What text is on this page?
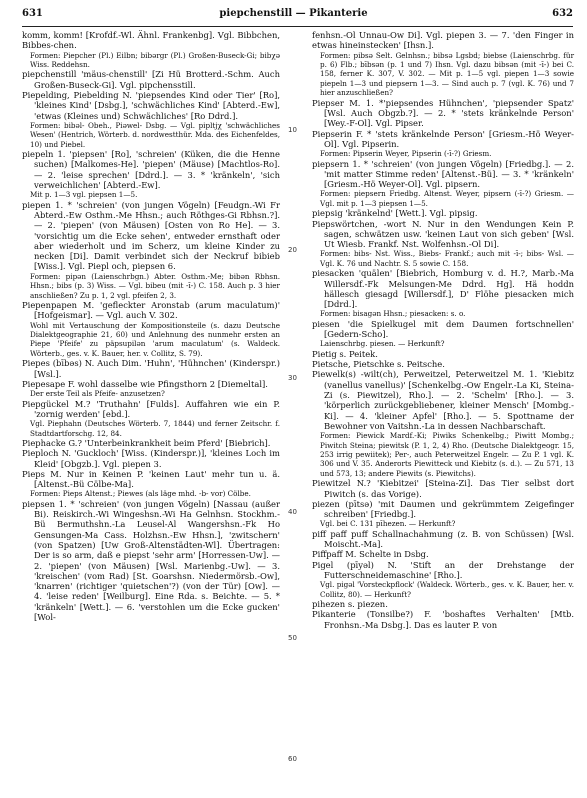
631	piepchenstill — Pikanterie	632
10
20
30
40
50
60

komm, komm! [Krofdf.-Wl. Ähnl. Frankenbg]. Vgl. Bibbchen, Bibbes-chen.

Formen: Piepcher (Pl.) Eilbn; bibərgr (Pl.) Großen-Buseck-Gi; bibχə Wiss. Reddehsn.

piepchenstill 'mäus-chenstill' [Zi Hü Brotterd.-Schm. Auch Großen-Buseck-Gi]. Vgl. pipchensstill.

Piepelding, Piebelding N. 'piepsendes Kind oder Tier' [Ro], 'kleines Kind' [Dsbg.], 'schwächliches Kind' [Abterd.-Ew], 'etwas (Kleines und) Schwächliches' [Ro Ddrd.].

Formen: bibəl- Obeh., Piəwel- Dsbg. — Vgl. pipltjχ 'schwächliches Wesen' (Hentrich, Wörterb. d. nordwestthür. Mda. des Eichenfeldes, 10) und Piebel.

piepeln 1. 'piepsen' [Ro], 'schreien' (Küken, die die Henne suchen) [Malkomes-He]. 'piepen' (Mäuse) [Machtlos-Ro]. — 2. 'leise sprechen' [Ddrd.]. — 3. * 'kränkeln', 'sich verweichlichen' [Abterd.-Ew].

Mit p. 1—3 vgl. piepsen 1—5.

piepen 1. * 'schreien' (von jungen Vögeln) [Feudgn.-Wi Fr Abterd.-Ew Osthm.-Me Hhsn.; auch Röthges-Gi Rbhsn.?]. — 2. 'piepen' (von Mäusen) [Osten von Ro He]. — 3. 'vorsichtig um die Ecke sehen', entweder ernsthaft oder aber wiederholt und im Scherz, um kleine Kinder zu necken [Di]. Damit verbindet sich der Neckruf bibieb [Wiss.]. Vgl. Piepl och, piepsen 6.

Formen: pipən (Laienschrbgn.) Abter. Osthm.-Me; bibən Rbhsn. Hhsn.; bibs (p. 3) Wiss. — Vgl. bibeu (mit -ī-) C. 158. Auch p. 3 hier anschließen? Zu p. 1, 2 vgl. pfeifen 2, 3.

Piepenpapen M. 'gefleckter Aronstab (arum maculatum)' [Hofgeismar]. — Vgl. auch V. 302.

Wohl mit Vertauschung der Kompositionsteile (s. dazu Deutsche Dialektgeographie 21, 60) und Anlehnung des nunmehr ersten an Piepe 'Pfeife' zu päpsupilən 'arum maculatum' (s. Waldeck. Wörterb., ges. v. K. Bauer, her. v. Collitz, S. 79).

Piepes (bībəs) N. Auch Dim. 'Huhn', 'Hühnchen' (Kinderspr.) [Wsl.].

Piepesape F. wohl dasselbe wie Pfingsthorn 2 [Diemeltal].

Der erste Teil als Pfeife- anzusetzen?

Piepgückel M.? 'Truthahn' [Fulds]. Auffahren wie ein P. 'zornig werden' [ebd.].

Vgl. Piephahn (Deutsches Wörterb. 7, 1844) und ferner Zeitschr. f. Stadtdartforschg. 12, 84.

Piephacke G.? 'Unterbeinkrankheit beim Pferd' [Biebrich].

Pieploch N. 'Guckloch' [Wiss. (Kinderspr.)], 'kleines Loch im Kleid' [Obgzb.]. Vgl. piepen 3.

Pieps M. Nur in Keinen P. 'keinen Laut' mehr tun u. ä. [Altenst.-Bü Cölbe-Ma].

Formen: Pieps Altenst.; Piewes (als läge mhd. -b- vor) Cölbe.

piepsen 1. * 'schreien' (von jungen Vögeln) [Nassau (außer Bi). Reiskirch.-Wi Wingeshsn.-Wi Ha Gelnhsn. Stockhm.-Bü Bermuthshn.-La Leusel-Al Wangershsn.-Fk Ho Gensungen-Ma Cass. Holzhsn.-Ew Hhsn.], 'zwitschern' (von Spatzen) [Uw Groß-Altenstädten-Wl]. Übertragen: Der is so arm, daß e piepst 'sehr arm' [Horressen-Uw]. — 2. 'piepen' (von Mäusen) [Wsl. Marienbg.-Uw]. — 3. 'kreischen' (vom Rad) [St. Goarshsn. Niedermörsb.-Ow], 'knarren' (richtiger 'quietschen'?) (von der Tür) [Ow]. — 4. 'leise reden' [Weilburg]. Eine Rda. s. Beichte. — 5. * 'kränkeln' [Wett.]. — 6. 'verstohlen um die Ecke gucken' [Wol-

fenhsn.-Ol Unnau-Ow Di]. Vgl. piepen 3. — 7. 'den Finger in etwas hineinstecken' [Ihsn.].

Formen: pibsə Selt. Gelnhsn.; bibsə Lgsbd; biebse (Laienschrbg. für p. 6) Flb.; bībsən (p. 1 und 7) Ihsn. Vgl. dazu bibsən (mit -ī-) bei C. 158, ferner K. 307, V. 302. — Mit p. 1—5 vgl. piepen 1—3 sowie piepeln 1—3 und piepsern 1—3. — Sind auch p. 7 (vgl. K. 76) und 7 hier anzuschließen?

Piepser M. 1. *'piepsendes Hühnchen', 'piepsender Spatz' [Wsl. Auch Obgzb.?]. — 2. * 'stets kränkelnde Person' [Wey.-F-Ol]. Vgl. Pipser.

Piepserin F. * 'stets kränkelnde Person' [Griesm.-Hö Weyer-Ol]. Vgl. Pipserin.

Formen: Pipserin Weyer, Pipserin (-ī-?) Griesm.

piepsern 1. * 'schreien' (von jungen Vögeln) [Friedbg.]. — 2. 'mit matter Stimme reden' [Altenst.-Bü]. — 3. * 'kränkeln' [Griesm.-Hö Weyer-Ol]. Vgl. pipsern.

Formen: piepsern Friedbg. Altenst. Weyer, pipsern (-ī-?) Griesm. — Vgl. mit p. 1—3 piepsen 1—5.

piepsig 'kränkelnd' [Wett.]. Vgl. pipsig.

Piepswörtchen, -wort N. Nur in den Wendungen Kein P. sagen, schwätzen usw. 'keinen Laut von sich geben' [Wsl. Ut Wiesb. Frankf. Nst. Wolfenhsn.-Ol Di].

Formen: bibs- Nst. Wiss., Biebs- Frankf.; auch mit -ī-; bibs- Wsl. — Vgl. K. 76 und Nachtr. S. 5 sowie C. 158.

piesacken 'quälen' [Biebrich, Homburg v. d. H.?, Marb.-Ma Willersdf.-Fk Melsungen-Me Ddrd. Hg]. Hä hoddn hällesch giesagd [Willersdf.], D' Flöhe piesacken mich [Ddrd.].

Formen: bisagən Hhsn.; piesacken: s. o.

piesen 'die Spielkugel mit dem Daumen fortschnellen' [Gedern-Scho].

Laienschrbg. piesen. — Herkunft?

Pietig s. Peitek.

Pietsche, Pietschke s. Peitsche.

Piewelk(s) -wilt(ch), Perweitzel, Peterweitzel M. 1. 'Kiebitz (vanellus vanellus)' [Schenkelbg.-Ow Engelr.-La Ki, Steina-Zi (s. Piewitzel), Rho.]. — 2. 'Schelm' [Rho.]. — 3. 'körperlich zurückgebliebener, kleiner Mensch' [Mombg.-Ki]. — 4. 'kleiner Apfel' [Rho.]. — 5. Spottname der Bewohner von Vaitshn.-La in dessen Nachbarschaft.

Formen: Piewick Mardf.-Ki; Piwiks Schenkelbg.; Piwitt Mombg.; Piwitch Steina; piewitsk (P. 1, 2, 4) Rho. (Deutsche Dialektgeogr. 15, 253 irrig pewiitek); Per-, auch Peterweitzel Engelr. — Zu P. 1 vgl. K. 306 und V. 35. Anderorts Piewitteck und Kiebitz (s. d.). — Zu 571, 13 und 573, 13; andere Piewits (s. Piewitchs).

Piewitzel N.? 'Kiebitzei' [Steina-Zi]. Das Tier selbst dort Piwitch (s. das Vorige).

piezen (pītsə) 'mit Daumen und gekrümmtem Zeigefinger schreiben' [Friedbg.].

Vgl. bei C. 131 pīhezen. — Herkunft?

piff paff puff Schallnachahmung (z. B. von Schüssen) [Wsl. Moischt.-Ma].

Piffpaff M. Schelte in Dsbg.

Pigel (pīyəl) N. 'Stift an der Drehstange der Futterschneidemaschine' [Rho.].

Vgl. pigəl 'Vorsteckpflock' (Waldeck. Wörterb., ges. v. K. Bauer, her. v. Collitz, 80). — Herkunft?

pihezen s. piezen.

Pikanterie (Tonsilbe?) F. 'boshaftes Verhalten' [Mtb. Fronhsn.-Ma Dsbg.]. Das es lauter P. von
